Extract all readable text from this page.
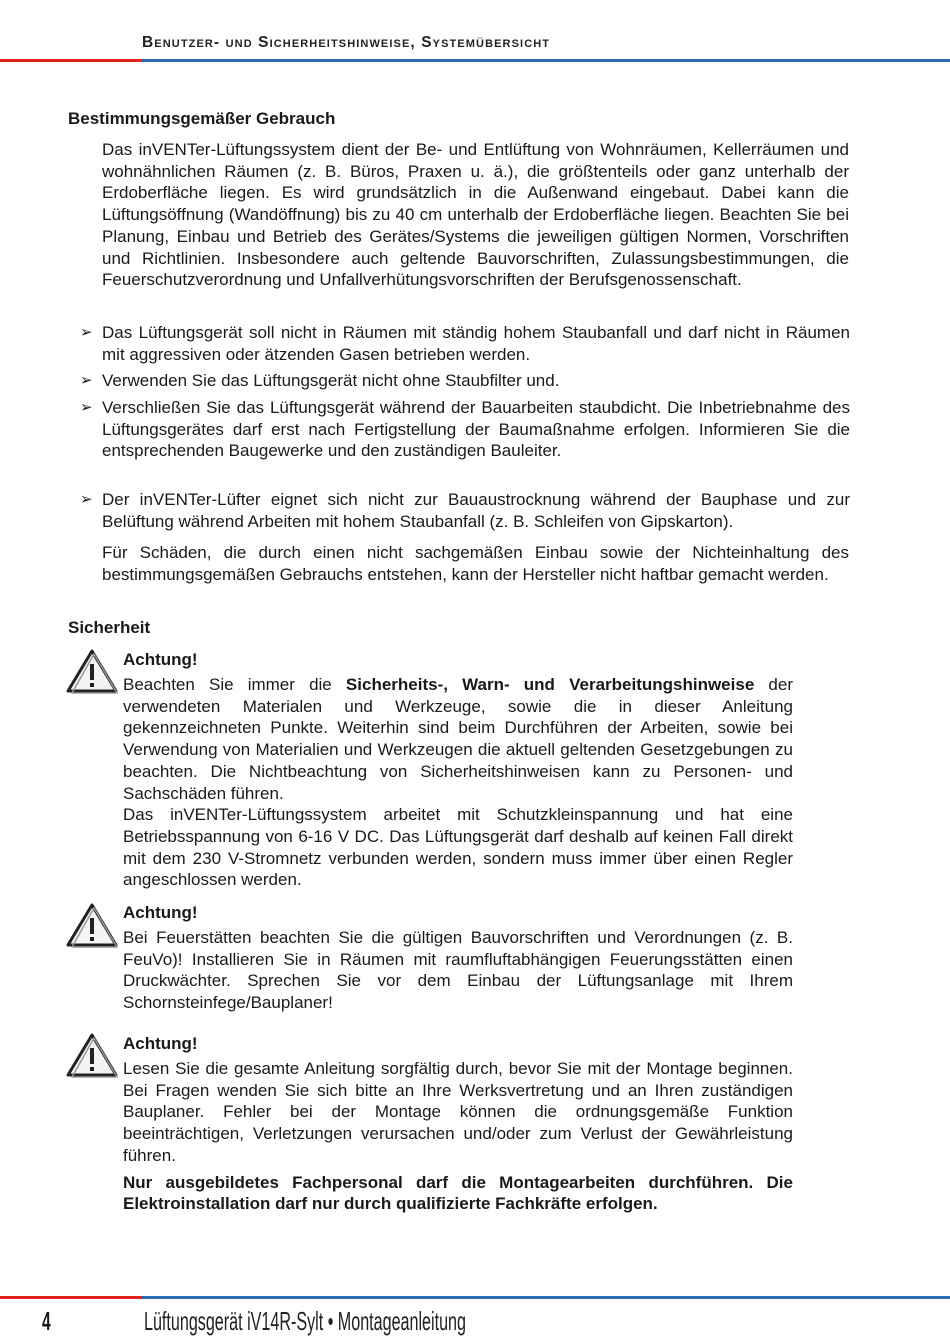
Benutzer- und Sicherheitshinweise, Systemübersicht
Bestimmungsgemäßer Gebrauch

Das inVENTer-Lüftungssystem dient der Be- und Entlüftung von Wohnräumen, Kellerräumen und wohnähnlichen Räumen (z. B. Büros, Praxen u. ä.), die größtenteils oder ganz unterhalb der Erdoberfläche liegen. Es wird grundsätzlich in die Außenwand eingebaut. Dabei kann die Lüftungsöffnung (Wandöffnung) bis zu 40 cm unterhalb der Erdoberfläche liegen. Beachten Sie bei Planung, Einbau und Betrieb des Gerätes/Systems die jeweiligen gültigen Normen, Vorschriften und Richtlinien. Insbesondere auch geltende Bauvorschriften, Zulassungsbestimmungen, die Feuerschutzverordnung und Unfallverhütungsvorschriften der Berufsgenossenschaft.

➢ Das Lüftungsgerät soll nicht in Räumen mit ständig hohem Staubanfall und darf nicht in Räumen mit aggressiven oder ätzenden Gasen betrieben werden.
➢ Verwenden Sie das Lüftungsgerät nicht ohne Staubfilter und.
➢ Verschließen Sie das Lüftungsgerät während der Bauarbeiten staubdicht. Die Inbetriebnahme des Lüftungsgerätes darf erst nach Fertigstellung der Baumaßnahme erfolgen. Informieren Sie die entsprechenden Baugewerke und den zuständigen Bauleiter.
➢ Der inVENTer-Lüfter eignet sich nicht zur Bauaustrocknung während der Bauphase und zur Belüftung während Arbeiten mit hohem Staubanfall (z. B. Schleifen von Gipskarton).

Für Schäden, die durch einen nicht sachgemäßen Einbau sowie der Nichteinhaltung des bestimmungsgemäßen Gebrauchs entstehen, kann der Hersteller nicht haftbar gemacht werden.

Sicherheit
Achtung!

Beachten Sie immer die Sicherheits-, Warn- und Verarbeitungshinweise der verwendeten Materialen und Werkzeuge, sowie die in dieser Anleitung gekennzeichneten Punkte. Weiterhin sind beim Durchführen der Arbeiten, sowie bei Verwendung von Materialien und Werkzeugen die aktuell geltenden Gesetzgebungen zu beachten. Die Nichtbeachtung von Sicherheitshinweisen kann zu Personen- und Sachschäden führen.

Das inVENTer-Lüftungssystem arbeitet mit Schutzkleinspannung und hat eine Betriebsspannung von 6-16 V DC. Das Lüftungsgerät darf deshalb auf keinen Fall direkt mit dem 230 V-Stromnetz verbunden werden, sondern muss immer über einen Regler angeschlossen werden.

Achtung!

Bei Feuerstätten beachten Sie die gültigen Bauvorschriften und Verordnungen (z. B. FeuVo)! Installieren Sie in Räumen mit raumfluftabhängigen Feuerungsstätten einen Druckwächter. Sprechen Sie vor dem Einbau der Lüftungsanlage mit Ihrem Schornsteinfege/Bauplaner!

Achtung!

Lesen Sie die gesamte Anleitung sorgfältig durch, bevor Sie mit der Montage beginnen. Bei Fragen wenden Sie sich bitte an Ihre Werksvertretung und an Ihren zuständigen Bauplaner. Fehler bei der Montage können die ordnungsgemäße Funktion beeinträchtigen, Verletzungen verursachen und/oder zum Verlust der Gewährleistung führen.

Nur ausgebildetes Fachpersonal darf die Montagearbeiten durchführen. Die Elektroinstallation darf nur durch qualifizierte Fachkräfte erfolgen.

4	Lüftungsgerät iV14R-Sylt • Montageanleitung
